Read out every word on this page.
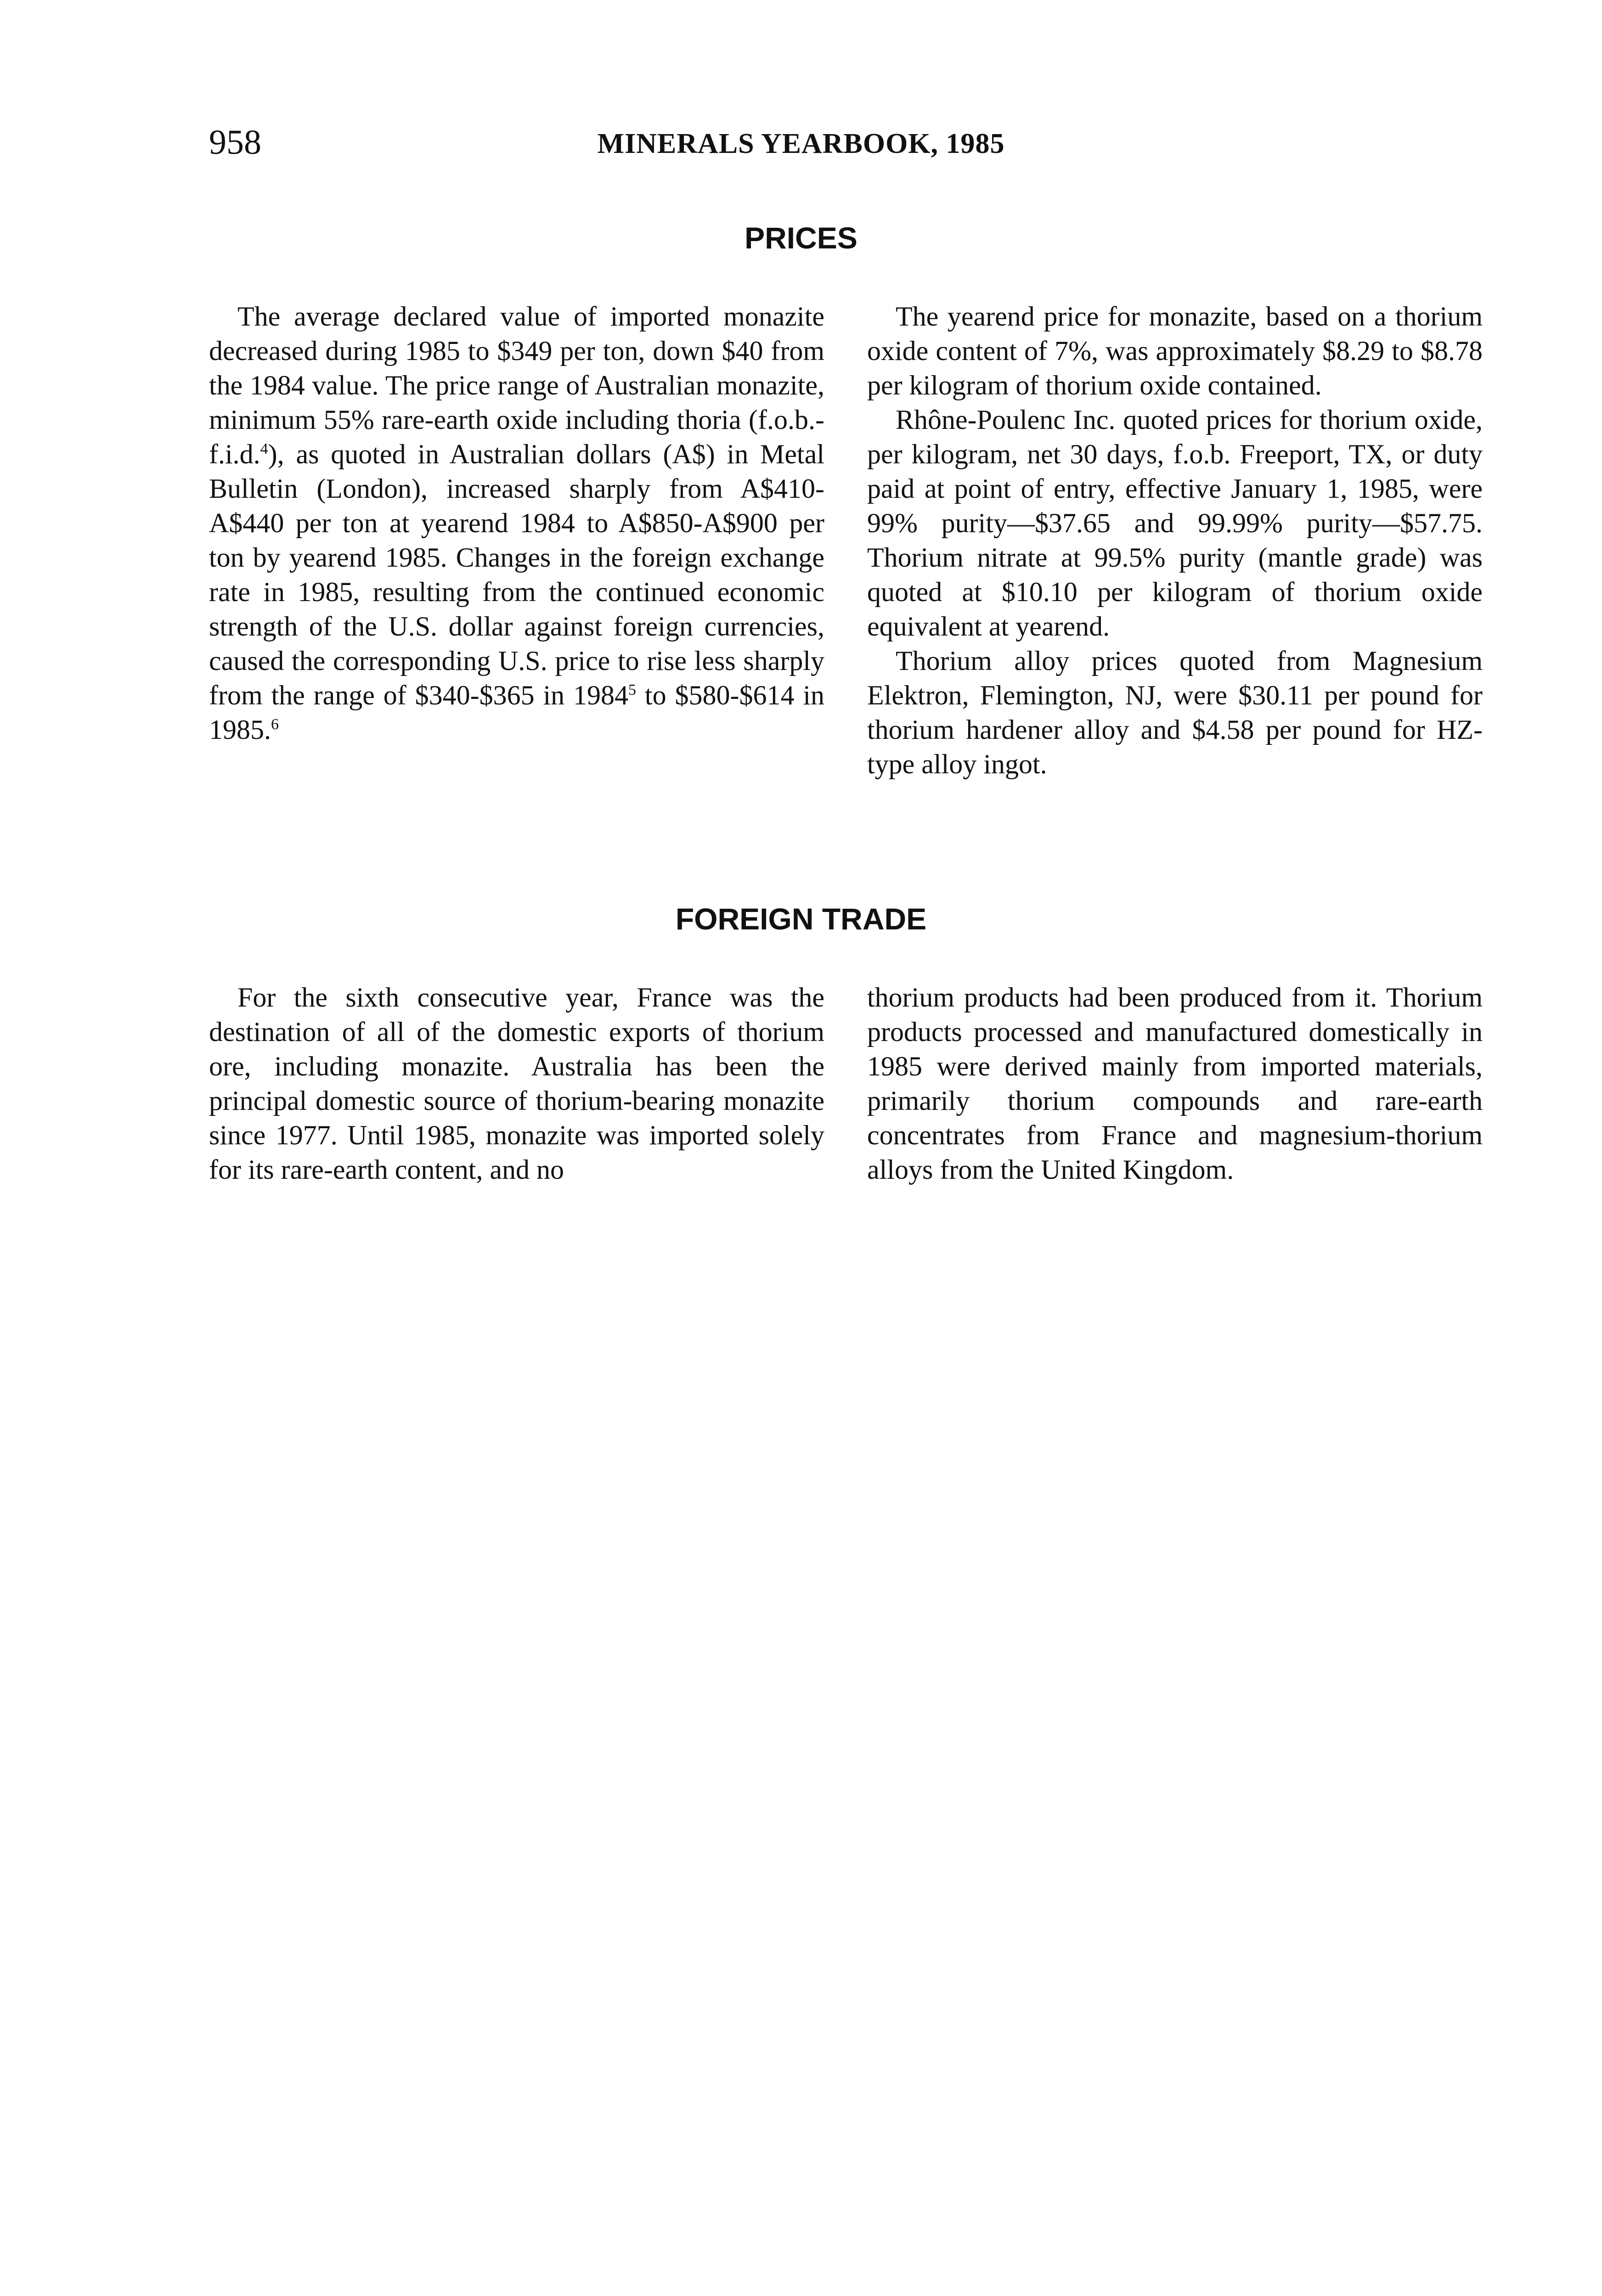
958	MINERALS YEARBOOK, 1985
PRICES

The average declared value of imported monazite decreased during 1985 to $349 per ton, down $40 from the 1984 value. The price range of Australian monazite, minimum 55% rare-earth oxide including thoria (f.o.b.-f.i.d.$^4$), as quoted in Australian dollars (A$) in Metal Bulletin (London), increased sharply from A$410-A$440 per ton at yearend 1984 to A$850-A$900 per ton by yearend 1985. Changes in the foreign exchange rate in 1985, resulting from the continued economic strength of the U.S. dollar against foreign currencies, caused the corresponding U.S. price to rise less sharply from the range of $340-$365 in 1984$^5$ to $580-$614 in 1985.$^6$

The yearend price for monazite, based on a thorium oxide content of 7%, was approximately $8.29 to $8.78 per kilogram of thorium oxide contained.

Rhône-Poulenc Inc. quoted prices for thorium oxide, per kilogram, net 30 days, f.o.b. Freeport, TX, or duty paid at point of entry, effective January 1, 1985, were 99% purity—$37.65 and 99.99% purity—$57.75. Thorium nitrate at 99.5% purity (mantle grade) was quoted at $10.10 per kilogram of thorium oxide equivalent at yearend.

Thorium alloy prices quoted from Magnesium Elektron, Flemington, NJ, were $30.11 per pound for thorium hardener alloy and $4.58 per pound for HZ-type alloy ingot.

FOREIGN TRADE

For the sixth consecutive year, France was the destination of all of the domestic exports of thorium ore, including monazite. Australia has been the principal domestic source of thorium-bearing monazite since 1977. Until 1985, monazite was imported solely for its rare-earth content, and no

thorium products had been produced from it. Thorium products processed and manufactured domestically in 1985 were derived mainly from imported materials, primarily thorium compounds and rare-earth concentrates from France and magnesium-thorium alloys from the United Kingdom.
